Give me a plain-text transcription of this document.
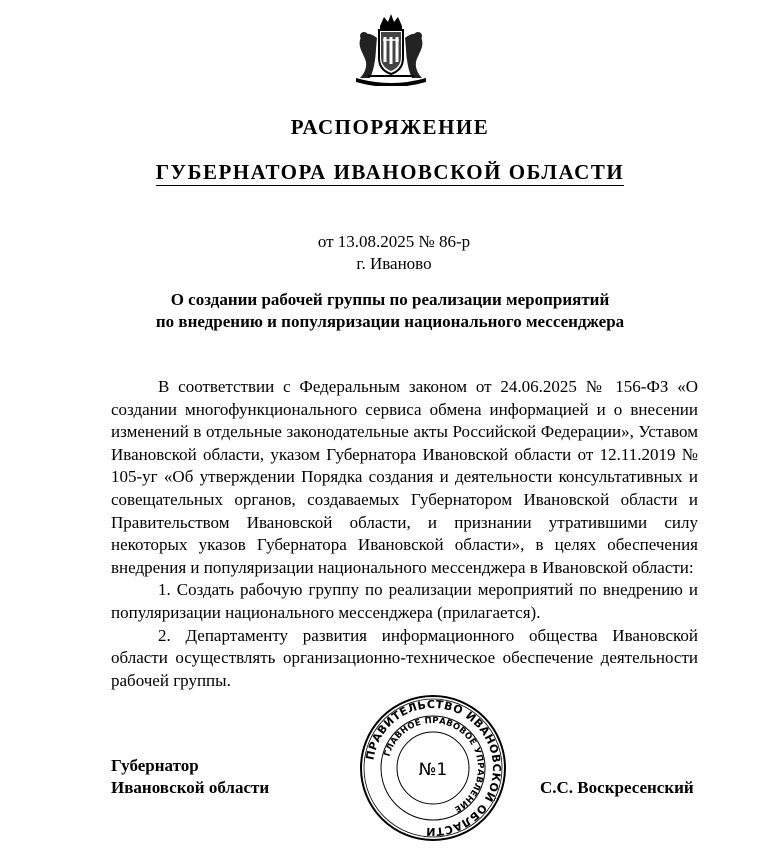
РАСПОРЯЖЕНИЕ
ГУБЕРНАТОРА ИВАНОВСКОЙ ОБЛАСТИ
от 13.08.2025 № 86-р
г. Иваново
О создании рабочей группы по реализации мероприятий
по внедрению и популяризации национального мессенджера

В соответствии с Федеральным законом от 24.06.2025 № 156-ФЗ «О создании многофункционального сервиса обмена информацией и о внесении изменений в отдельные законодательные акты Российской Федерации», Уставом Ивановской области, указом Губернатора Ивановской области от 12.11.2019 № 105-уг «Об утверждении Порядка создания и деятельности консультативных и совещательных органов, создаваемых Губернатором Ивановской области и Правительством Ивановской области, и признании утратившими силу некоторых указов Губернатора Ивановской области», в целях обеспечения внедрения и популяризации национального мессенджера в Ивановской области:

1. Создать рабочую группу по реализации мероприятий по внедрению и популяризации национального мессенджера (прилагается).

2. Департаменту развития информационного общества Ивановской области осуществлять организационно-техническое обеспечение деятельности рабочей группы.

Губернатор
Ивановской области	С.С. Воскресенский
ПРАВИТЕЛЬСТВО ИВАНОВСКОЙ ОБЛАСТИ
ГЛАВНОЕ ПРАВОВОЕ УПРАВЛЕНИЕ
№1
